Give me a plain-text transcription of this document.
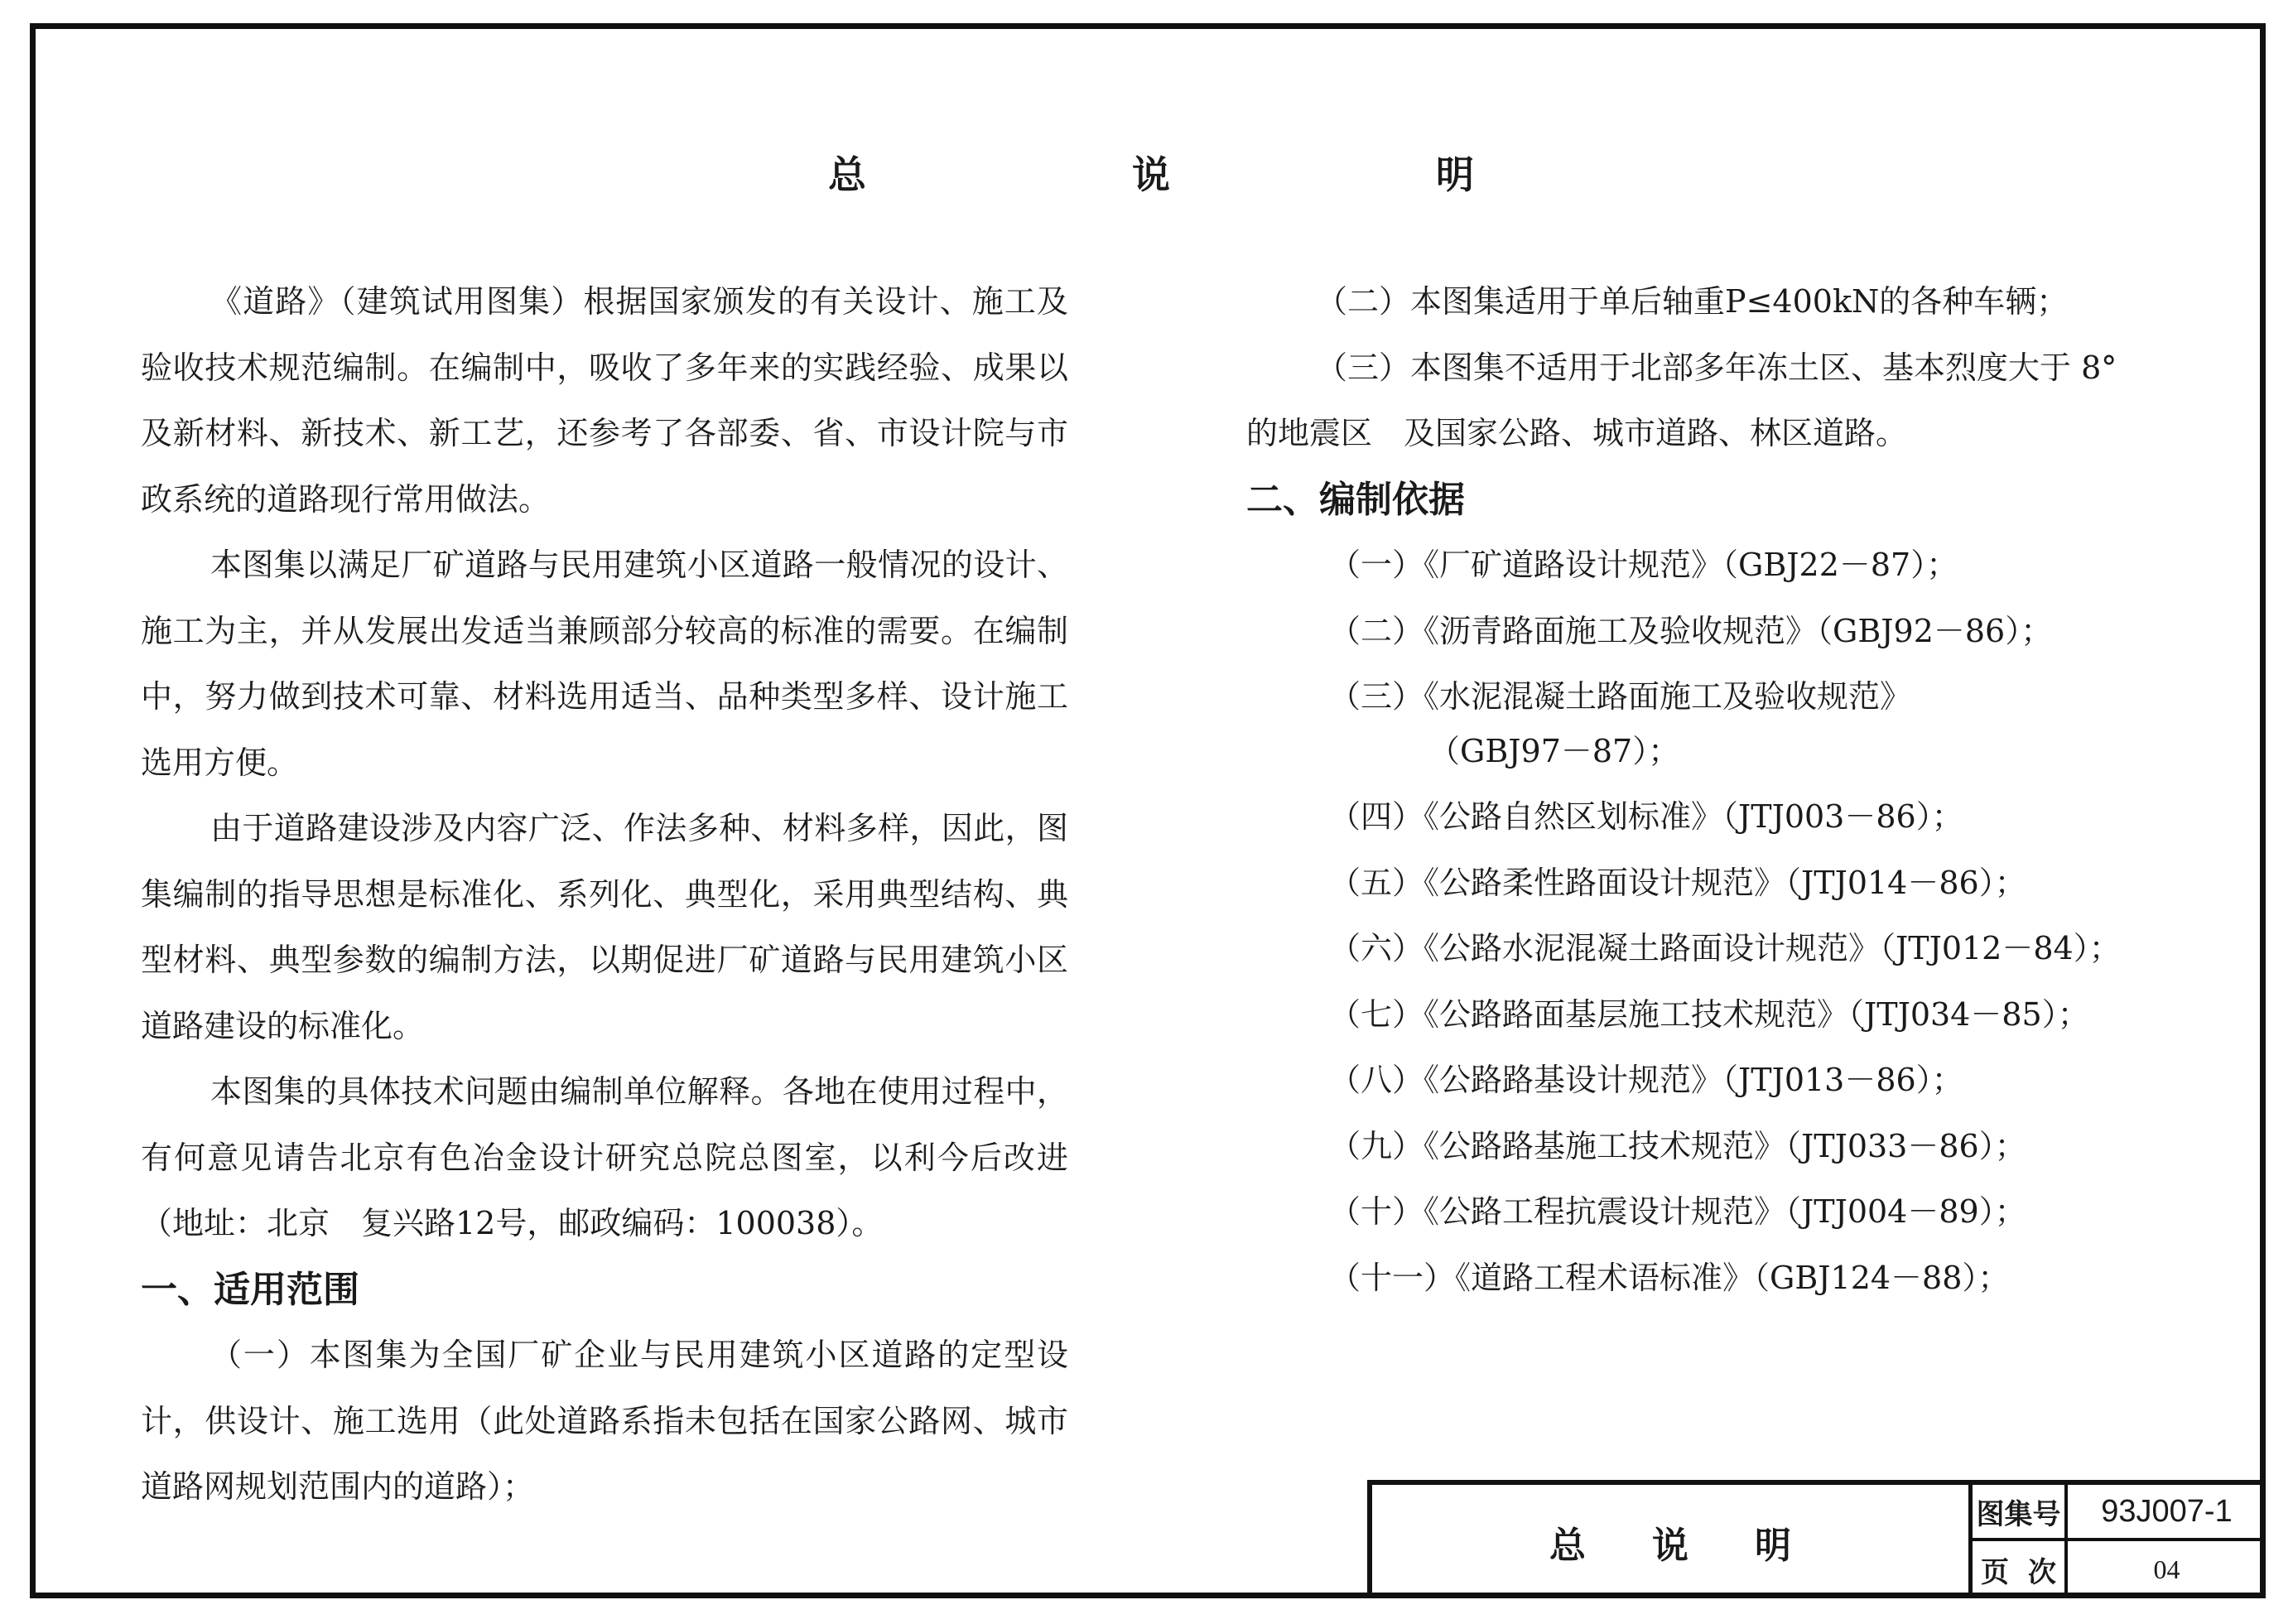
总	说	明

《道路》（建筑试用图集）根据国家颁发的有关设计、施工及验收技术规范编制。在编制中，吸收了多年来的实践经验、成果以及新材料、新技术、新工艺，还参考了各部委、省、市设计院与市政系统的道路现行常用做法。

本图集以满足厂矿道路与民用建筑小区道路一般情况的设计、施工为主，并从发展出发适当兼顾部分较高的标准的需要。在编制中，努力做到技术可靠、材料选用适当、品种类型多样、设计施工选用方便。

由于道路建设涉及内容广泛、作法多种、材料多样，因此，图集编制的指导思想是标准化、系列化、典型化，采用典型结构、典型材料、典型参数的编制方法，以期促进厂矿道路与民用建筑小区道路建设的标准化。

本图集的具体技术问题由编制单位解释。各地在使用过程中，有何意见请告北京有色冶金设计研究总院总图室，以利今后改进　（地址：北京　复兴路12号，邮政编码：100038）。

一、适用范围

（一）本图集为全国厂矿企业与民用建筑小区道路的定型设计，供设计、施工选用（此处道路系指未包括在国家公路网、城市道路网规划范围内的道路）；

（二）本图集适用于单后轴重P≤400kN的各种车辆；

（三）本图集不适用于北部多年冻土区、基本烈度大于 8°

的地震区　及国家公路、城市道路、林区道路。

二、编制依据
（一）《厂矿道路设计规范》（GBJ22－87）；
（二）《沥青路面施工及验收规范》（GBJ92－86）；
（三）《水泥混凝土路面施工及验收规范》
（GBJ97－87）；
（四）《公路自然区划标准》（JTJ003－86）；
（五）《公路柔性路面设计规范》（JTJ014－86）；
（六）《公路水泥混凝土路面设计规范》（JTJ012－84）；
（七）《公路路面基层施工技术规范》（JTJ034－85）；
（八）《公路路基设计规范》（JTJ013－86）；
（九）《公路路基施工技术规范》（JTJ033－86）；
（十）《公路工程抗震设计规范》（JTJ004－89）；
（十一）《道路工程术语标准》（GBJ124－88）；
总 说 明
图集号	93J007-1
页 次	04
